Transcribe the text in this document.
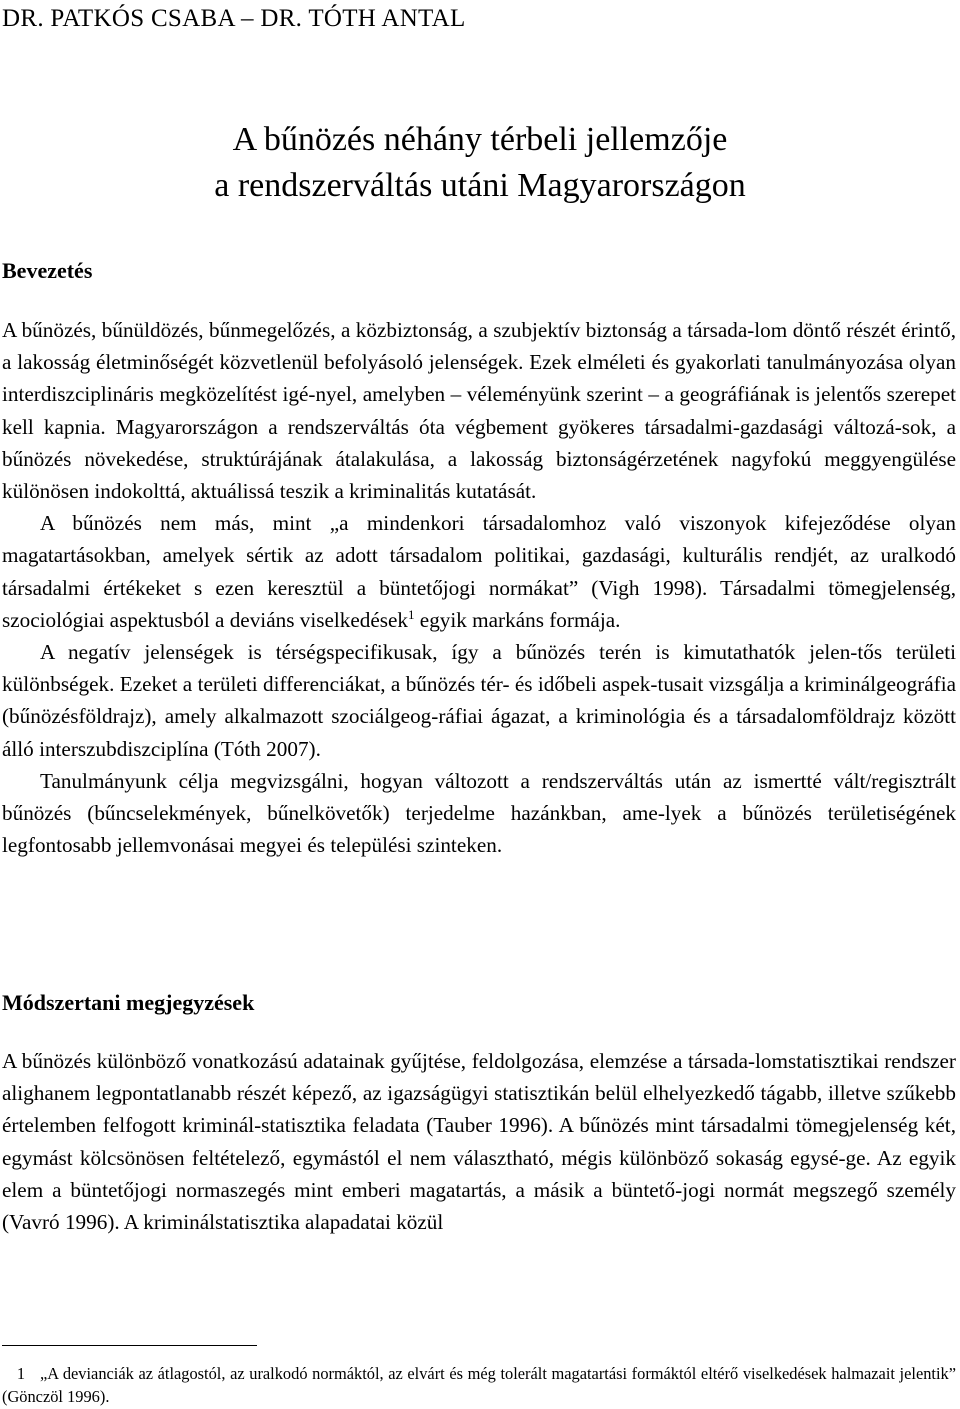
DR. PATKÓS CSABA – DR. TÓTH ANTAL
A bűnözés néhány térbeli jellemzője
a rendszerváltás utáni Magyarországon
Bevezetés

A bűnözés, bűnüldözés, bűnmegelőzés, a közbiztonság, a szubjektív biztonság a társada-lom döntő részét érintő, a lakosság életminőségét közvetlenül befolyásoló jelenségek. Ezek elméleti és gyakorlati tanulmányozása olyan interdiszciplináris megközelítést igé-nyel, amelyben – véleményünk szerint – a geográfiának is jelentős szerepet kell kapnia. Magyarországon a rendszerváltás óta végbement gyökeres társadalmi-gazdasági változá-sok, a bűnözés növekedése, struktúrájának átalakulása, a lakosság biztonságérzetének nagyfokú meggyengülése különösen indokolttá, aktuálissá teszik a kriminalitás kutatását.

A bűnözés nem más, mint „a mindenkori társadalomhoz való viszonyok kifejeződése olyan magatartásokban, amelyek sértik az adott társadalom politikai, gazdasági, kulturális rendjét, az uralkodó társadalmi értékeket s ezen keresztül a büntetőjogi normákat” (Vigh 1998). Társadalmi tömegjelenség, szociológiai aspektusból a deviáns viselkedések$^1$ egyik markáns formája.

A negatív jelenségek is térségspecifikusak, így a bűnözés terén is kimutathatók jelen-tős területi különbségek. Ezeket a területi differenciákat, a bűnözés tér- és időbeli aspek-tusait vizsgálja a kriminálgeográfia (bűnözésföldrajz), amely alkalmazott szociálgeog-ráfiai ágazat, a kriminológia és a társadalomföldrajz között álló interszubdiszciplína (Tóth 2007).

Tanulmányunk célja megvizsgálni, hogyan változott a rendszerváltás után az ismertté vált/regisztrált bűnözés (bűncselekmények, bűnelkövetők) terjedelme hazánkban, ame-lyek a bűnözés területiségének legfontosabb jellemvonásai megyei és települési szinteken.

Módszertani megjegyzések

A bűnözés különböző vonatkozású adatainak gyűjtése, feldolgozása, elemzése a társada-lomstatisztikai rendszer alighanem legpontatlanabb részét képező, az igazságügyi statisztikán belül elhelyezkedő tágabb, illetve szűkebb értelemben felfogott kriminál-statisztika feladata (Tauber 1996). A bűnözés mint társadalmi tömegjelenség két, egymást kölcsönösen feltételező, egymástól el nem választható, mégis különböző sokaság egysé-ge. Az egyik elem a büntetőjogi normaszegés mint emberi magatartás, a másik a büntető-jogi normát megszegő személy (Vavró 1996). A kriminálstatisztika alapadatai közül

1 „A devianciák az átlagostól, az uralkodó normáktól, az elvárt és még tolerált magatartási formáktól eltérő viselkedések halmazait jelentik” (Gönczöl 1996).
